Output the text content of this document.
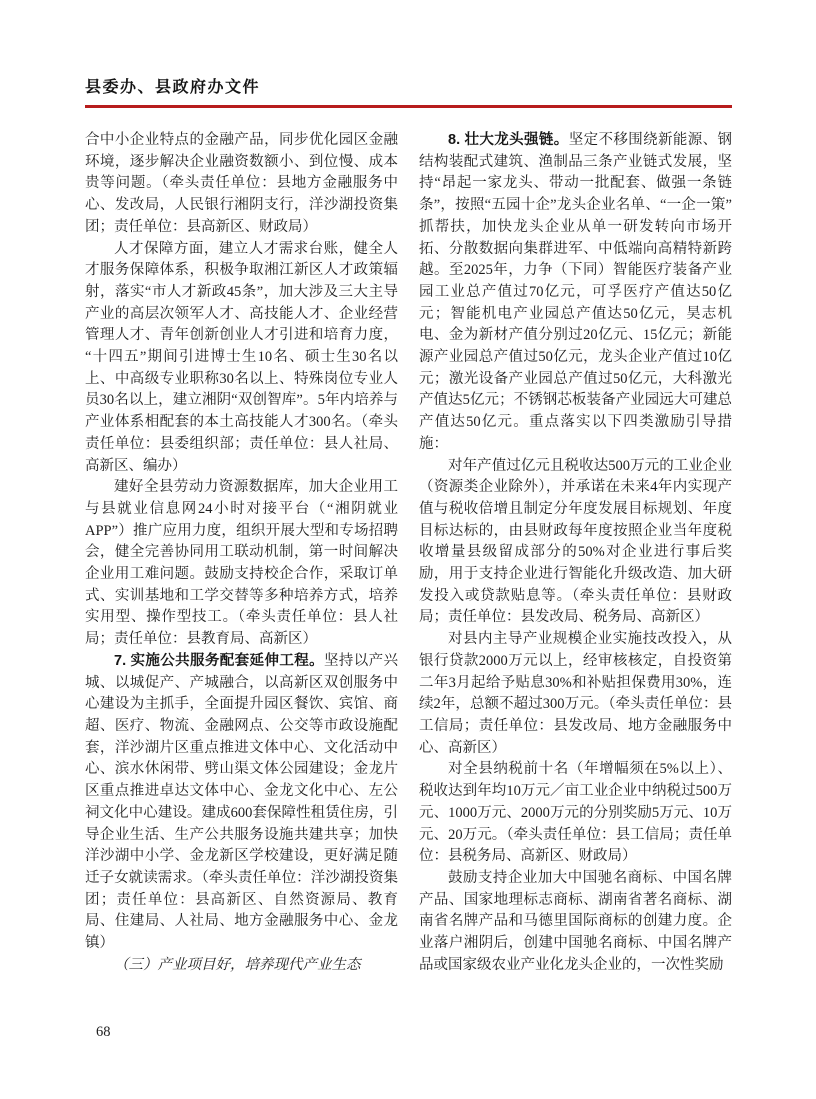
县委办、县政府办文件

合中小企业特点的金融产品，同步优化园区金融环境，逐步解决企业融资数额小、到位慢、成本贵等问题。（牵头责任单位：县地方金融服务中心、发改局，人民银行湘阴支行，洋沙湖投资集团；责任单位：县高新区、财政局）

人才保障方面，建立人才需求台账，健全人才服务保障体系，积极争取湘江新区人才政策辐射，落实“市人才新政45条”，加大涉及三大主导产业的高层次领军人才、高技能人才、企业经营管理人才、青年创新创业人才引进和培育力度，“十四五”期间引进博士生10名、硕士生30名以上、中高级专业职称30名以上、特殊岗位专业人员30名以上，建立湘阴“双创智库”。5年内培养与产业体系相配套的本土高技能人才300名。（牵头责任单位：县委组织部；责任单位：县人社局、高新区、编办）

建好全县劳动力资源数据库，加大企业用工与县就业信息网24小时对接平台（“湘阴就业APP”）推广应用力度，组织开展大型和专场招聘会，健全完善协同用工联动机制，第一时间解决企业用工难问题。鼓励支持校企合作，采取订单式、实训基地和工学交替等多种培养方式，培养实用型、操作型技工。（牵头责任单位：县人社局；责任单位：县教育局、高新区）

7. 实施公共服务配套延伸工程。坚持以产兴城、以城促产、产城融合，以高新区双创服务中心建设为主抓手，全面提升园区餐饮、宾馆、商超、医疗、物流、金融网点、公交等市政设施配套，洋沙湖片区重点推进文体中心、文化活动中心、滨水休闲带、劈山渠文体公园建设；金龙片区重点推进卓达文体中心、金龙文化中心、左公祠文化中心建设。建成600套保障性租赁住房，引导企业生活、生产公共服务设施共建共享；加快洋沙湖中小学、金龙新区学校建设，更好满足随迁子女就读需求。（牵头责任单位：洋沙湖投资集团；责任单位：县高新区、自然资源局、教育局、住建局、人社局、地方金融服务中心、金龙镇）

（三）产业项目好，培养现代产业生态

8. 壮大龙头强链。坚定不移围绕新能源、钢结构装配式建筑、渔制品三条产业链式发展，坚持“昂起一家龙头、带动一批配套、做强一条链条”，按照“五园十企”龙头企业名单、“一企一策”抓帮扶，加快龙头企业从单一研发转向市场开拓、分散数据向集群进军、中低端向高精特新跨越。至2025年，力争（下同）智能医疗装备产业园工业总产值过70亿元，可孚医疗产值达50亿元；智能机电产业园总产值达50亿元，昊志机电、金为新材产值分别过20亿元、15亿元；新能源产业园总产值过50亿元，龙头企业产值过10亿元；激光设备产业园总产值过50亿元，大科激光产值达5亿元；不锈钢芯板装备产业园远大可建总产值达50亿元。重点落实以下四类激励引导措施：

对年产值过亿元且税收达500万元的工业企业（资源类企业除外），并承诺在未来4年内实现产值与税收倍增且制定分年度发展目标规划、年度目标达标的，由县财政每年度按照企业当年度税收增量县级留成部分的50%对企业进行事后奖励，用于支持企业进行智能化升级改造、加大研发投入或贷款贴息等。（牵头责任单位：县财政局；责任单位：县发改局、税务局、高新区）

对县内主导产业规模企业实施技改投入，从银行贷款2000万元以上，经审核核定，自投资第二年3月起给予贴息30%和补贴担保费用30%，连续2年，总额不超过300万元。（牵头责任单位：县工信局；责任单位：县发改局、地方金融服务中心、高新区）

对全县纳税前十名（年增幅须在5%以上）、税收达到年均10万元／亩工业企业中纳税过500万元、1000万元、2000万元的分别奖励5万元、10万元、20万元。（牵头责任单位：县工信局；责任单位：县税务局、高新区、财政局）

鼓励支持企业加大中国驰名商标、中国名牌产品、国家地理标志商标、湖南省著名商标、湖南省名牌产品和马德里国际商标的创建力度。企业落户湘阴后，创建中国驰名商标、中国名牌产品或国家级农业产业化龙头企业的，一次性奖励

68
